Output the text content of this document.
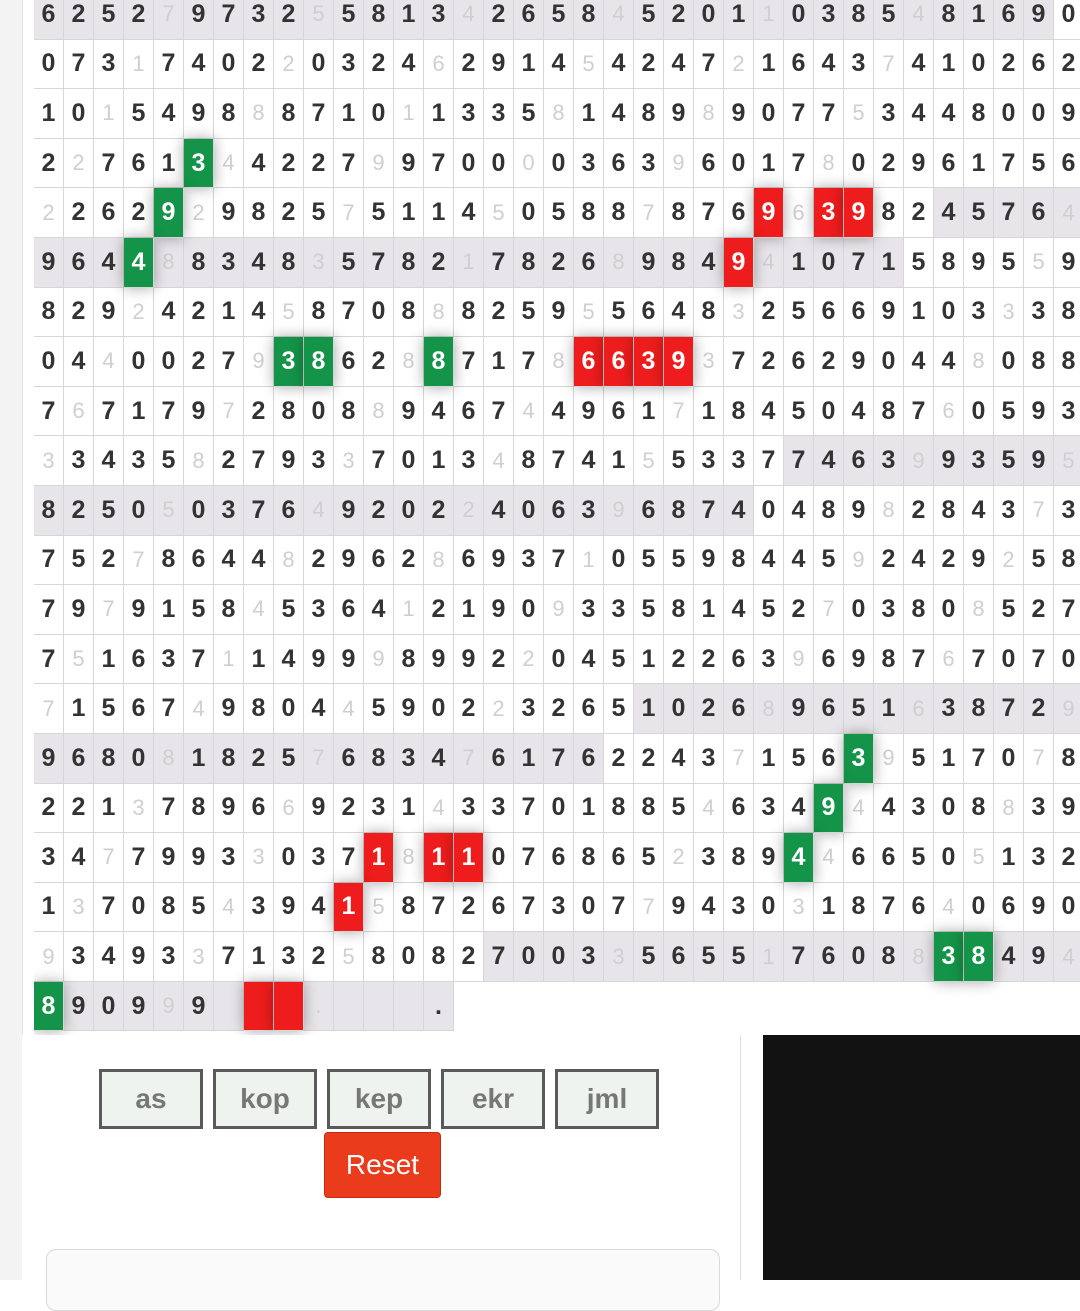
6 2 5 2 7 9 7 3 2 5 5 8 1 3 4 2 6 5 8 4 5 2 0 1 1 0 3 8 5 4 8 1 6 9 0
0 7 3 1 7 4 0 2 2 0 3 2 4 6 2 9 1 4 5 4 2 4 7 2 1 6 4 3 7 4 1 0 2 6 2
1 0 1 5 4 9 8 8 8 7 1 0 1 1 3 3 5 8 1 4 8 9 8 9 0 7 7 5 3 4 4 8 0 0 9
2 2 7 6 1 3 4 4 2 2 7 9 9 7 0 0 0 0 3 6 3 9 6 0 1 7 8 0 2 9 6 1 7 5 6
2 2 6 2 9 2 9 8 2 5 7 5 1 1 4 5 0 5 8 8 7 8 7 6 9 6 3 9 8 2 4 5 7 6 4
9 6 4 4 8 8 3 4 8 3 5 7 8 2 1 7 8 2 6 8 9 8 4 9 4 1 0 7 1 5 8 9 5 5 9
8 2 9 2 4 2 1 4 5 8 7 0 8 8 8 2 5 9 5 5 6 4 8 3 2 5 6 6 9 1 0 3 3 3 8
0 4 4 0 0 2 7 9 3 8 6 2 8 8 7 1 7 8 6 6 3 9 3 7 2 6 2 9 0 4 4 8 0 8 8
7 6 7 1 7 9 7 2 8 0 8 8 9 4 6 7 4 4 9 6 1 7 1 8 4 5 0 4 8 7 6 0 5 9 3
3 3 4 3 5 8 2 7 9 3 3 7 0 1 3 4 8 7 4 1 5 5 3 3 7 7 4 6 3 9 9 3 5 9 5
8 2 5 0 5 0 3 7 6 4 9 2 0 2 2 4 0 6 3 9 6 8 7 4 0 4 8 9 8 2 8 4 3 7 3
7 5 2 7 8 6 4 4 8 2 9 6 2 8 6 9 3 7 1 0 5 5 9 8 4 4 5 9 2 4 2 9 2 5 8
7 9 7 9 1 5 8 4 5 3 6 4 1 2 1 9 0 9 3 3 5 8 1 4 5 2 7 0 3 8 0 8 5 2 7
7 5 1 6 3 7 1 1 4 9 9 9 8 9 9 2 2 0 4 5 1 2 2 6 3 9 6 9 8 7 6 7 0 7 0
7 1 5 6 7 4 9 8 0 4 4 5 9 0 2 2 3 2 6 5 1 0 2 6 8 9 6 5 1 6 3 8 7 2 9
9 6 8 0 8 1 8 2 5 7 6 8 3 4 7 6 1 7 6 2 2 4 3 7 1 5 6 3 9 5 1 7 0 7 8
2 2 1 3 7 8 9 6 6 9 2 3 1 4 3 3 7 0 1 8 8 5 4 6 3 4 9 4 4 3 0 8 8 3 9
3 4 7 7 9 9 3 3 0 3 7 1 8 1 1 0 7 6 8 6 5 2 3 8 9 4 4 6 6 5 0 5 1 3 2
1 3 7 0 8 5 4 3 9 4 1 5 8 7 2 6 7 3 0 7 7 9 4 3 0 3 1 8 7 6 4 0 6 9 0
9 3 4 9 3 3 7 1 3 2 5 8 0 8 2 7 0 0 3 3 5 6 5 5 1 7 6 0 8 8 3 8 4 9 4
8 9 0 9 9 9	.	.
as	kop	kep	ekr	jml
Reset
